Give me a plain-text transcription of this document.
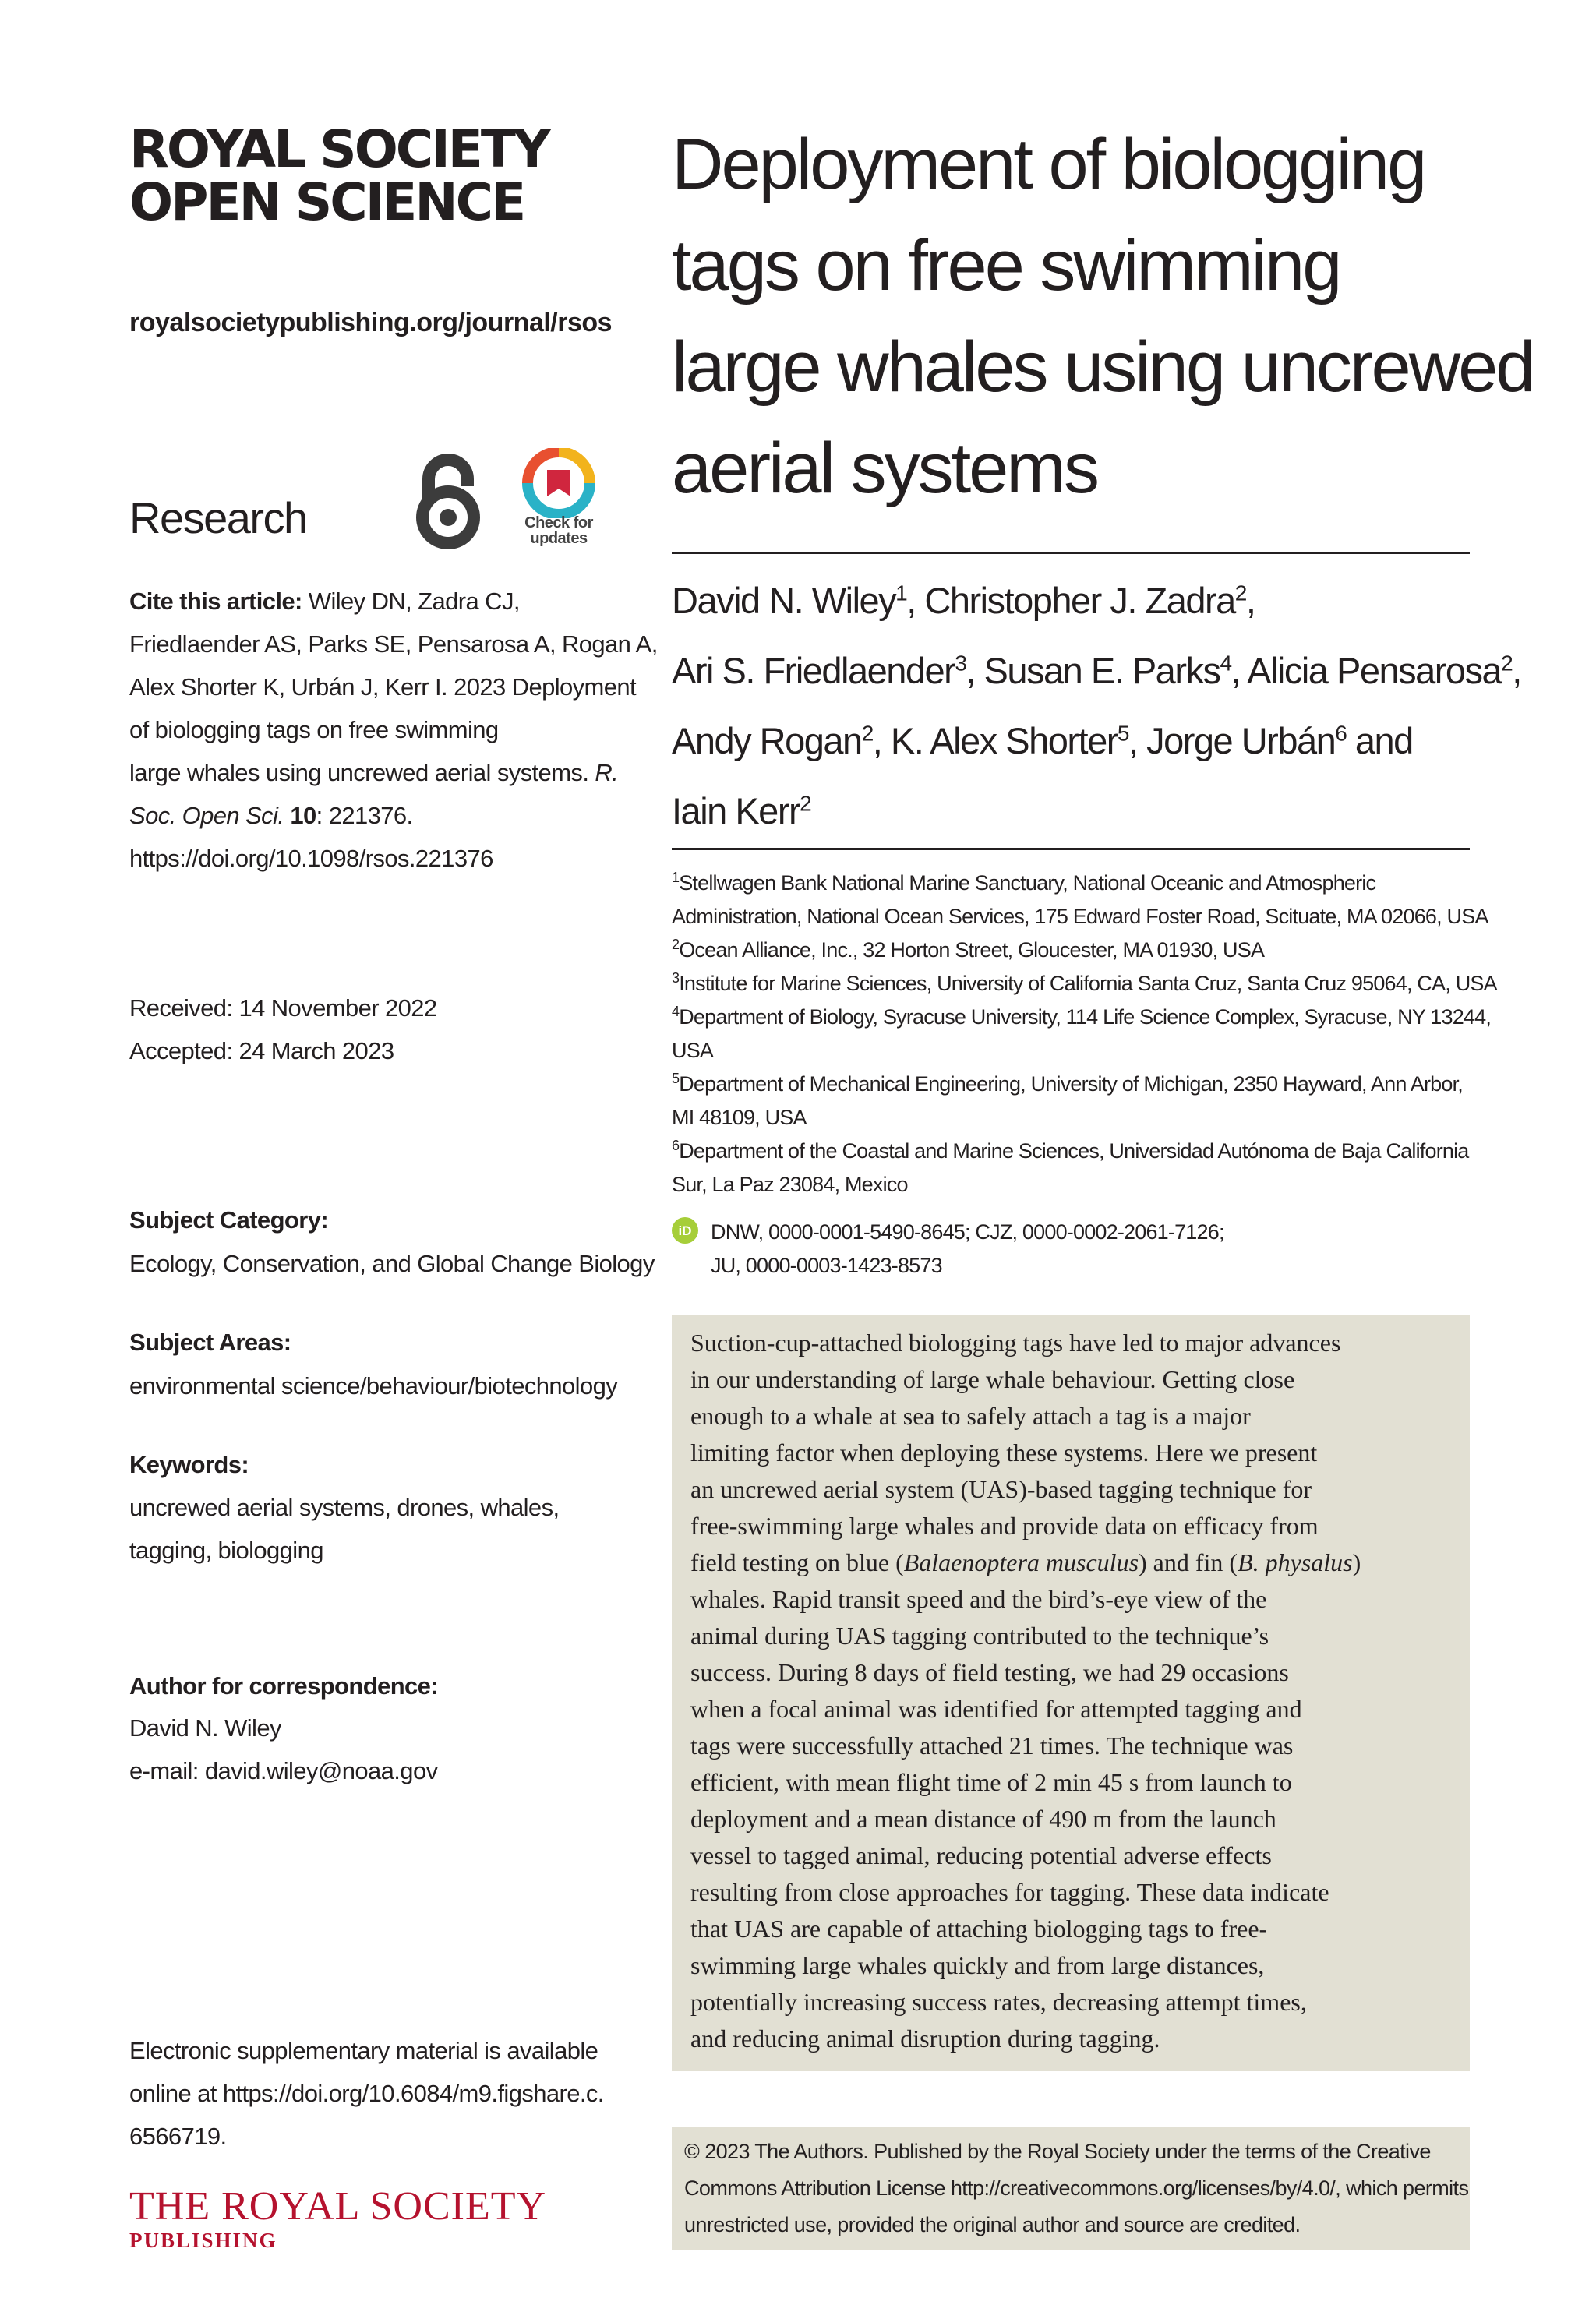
ROYAL SOCIETY
OPEN SCIENCE
royalsocietypublishing.org/journal/rsos
Research	Check for
updates
Cite this article: Wiley DN, Zadra CJ,
Friedlaender AS, Parks SE, Pensarosa A, Rogan A,
Alex Shorter K, Urbán J, Kerr I. 2023 Deployment
of biologging tags on free swimming
large whales using uncrewed aerial systems. R.
Soc. Open Sci. 10: 221376.
https://doi.org/10.1098/rsos.221376
Received: 14 November 2022
Accepted: 24 March 2023
Subject Category:
Ecology, Conservation, and Global Change Biology
Subject Areas:
environmental science/behaviour/biotechnology
Keywords:
uncrewed aerial systems, drones, whales,
tagging, biologging
Author for correspondence:
David N. Wiley
e-mail: david.wiley@noaa.gov
Electronic supplementary material is available
online at https://doi.org/10.6084/m9.figshare.c.
6566719.
THE ROYAL SOCIETY
PUBLISHING
Deployment of biologging
tags on free swimming
large whales using uncrewed
aerial systems
David N. Wiley$^1$, Christopher J. Zadra$^2$,
Ari S. Friedlaender$^3$, Susan E. Parks$^4$, Alicia Pensarosa$^2$,
Andy Rogan$^2$, K. Alex Shorter$^5$, Jorge Urbán$^6$ and
Iain Kerr$^2$
$^1$Stellwagen Bank National Marine Sanctuary, National Oceanic and Atmospheric
Administration, National Ocean Services, 175 Edward Foster Road, Scituate, MA 02066, USA
$^2$Ocean Alliance, Inc., 32 Horton Street, Gloucester, MA 01930, USA
$^3$Institute for Marine Sciences, University of California Santa Cruz, Santa Cruz 95064, CA, USA
$^4$Department of Biology, Syracuse University, 114 Life Science Complex, Syracuse, NY 13244,
USA
$^5$Department of Mechanical Engineering, University of Michigan, 2350 Hayward, Ann Arbor,
MI 48109, USA
$^6$Department of the Coastal and Marine Sciences, Universidad Autónoma de Baja California
Sur, La Paz 23084, Mexico
iD DNW, 0000-0001-5490-8645; CJZ, 0000-0002-2061-7126;
JU, 0000-0003-1423-8573
Suction-cup-attached biologging tags have led to major advances
in our understanding of large whale behaviour. Getting close
enough to a whale at sea to safely attach a tag is a major
limiting factor when deploying these systems. Here we present
an uncrewed aerial system (UAS)-based tagging technique for
free-swimming large whales and provide data on efficacy from
field testing on blue (Balaenoptera musculus) and fin (B. physalus)
whales. Rapid transit speed and the bird’s-eye view of the
animal during UAS tagging contributed to the technique’s
success. During 8 days of field testing, we had 29 occasions
when a focal animal was identified for attempted tagging and
tags were successfully attached 21 times. The technique was
efficient, with mean flight time of 2 min 45 s from launch to
deployment and a mean distance of 490 m from the launch
vessel to tagged animal, reducing potential adverse effects
resulting from close approaches for tagging. These data indicate
that UAS are capable of attaching biologging tags to free-
swimming large whales quickly and from large distances,
potentially increasing success rates, decreasing attempt times,
and reducing animal disruption during tagging.
© 2023 The Authors. Published by the Royal Society under the terms of the Creative
Commons Attribution License http://creativecommons.org/licenses/by/4.0/, which permits
unrestricted use, provided the original author and source are credited.
